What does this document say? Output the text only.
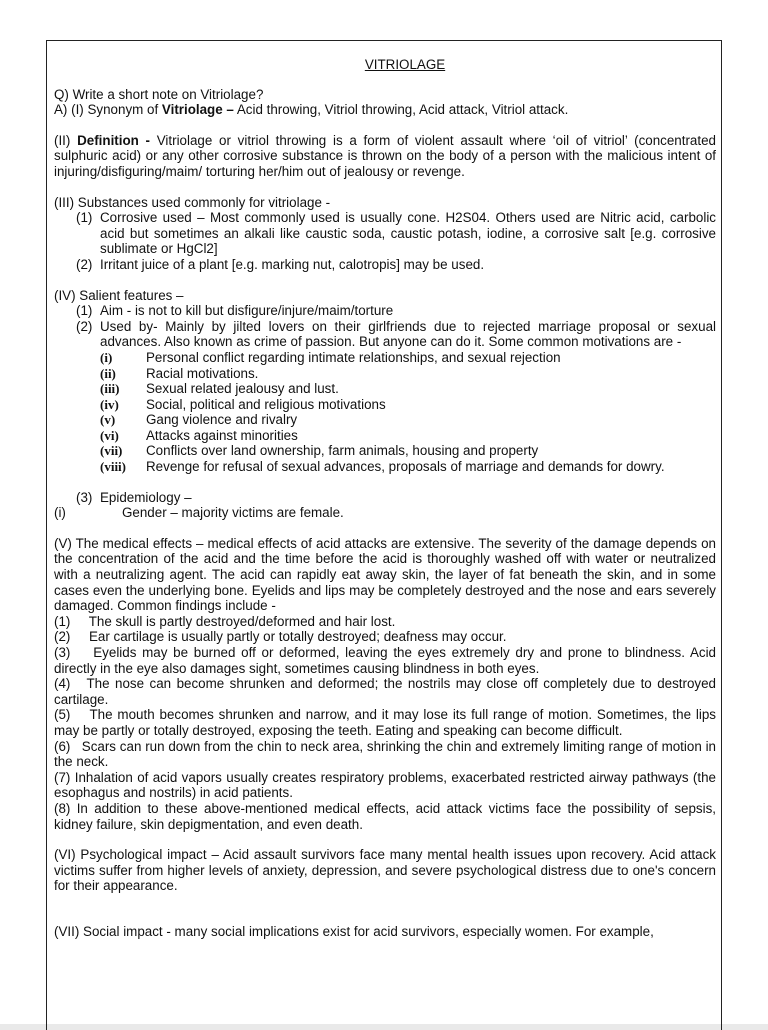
VITRIOLAGE

Q) Write a short note on Vitriolage?

A) (I) Synonym of Vitriolage – Acid throwing, Vitriol throwing, Acid attack, Vitriol attack.

(II) Definition - Vitriolage or vitriol throwing is a form of violent assault where ‘oil of vitriol’ (concentrated sulphuric acid) or any other corrosive substance is thrown on the body of a person with the malicious intent of injuring/disfiguring/maim/ torturing her/him out of jealousy or revenge.

(III) Substances used commonly for vitriolage -

(1) Corrosive used – Most commonly used is usually cone. H2S04. Others used are Nitric acid, carbolic acid but sometimes an alkali like caustic soda, caustic potash, iodine, a corrosive salt [e.g. corrosive sublimate or HgCl2]
(2) Irritant juice of a plant [e.g. marking nut, calotropis] may be used.

(IV) Salient features –

(1) Aim - is not to kill but disfigure/injure/maim/torture
(2) Used by- Mainly by jilted lovers on their girlfriends due to rejected marriage proposal or sexual advances. Also known as crime of passion. But anyone can do it. Some common motivations are -
(i)	Personal conflict regarding intimate relationships, and sexual rejection
(ii)	Racial motivations.
(iii)	Sexual related jealousy and lust.
(iv)	Social, political and religious motivations
(v)	Gang violence and rivalry
(vi)	Attacks against minorities
(vii)	Conflicts over land ownership, farm animals, housing and property
(viii)	Revenge for refusal of sexual advances, proposals of marriage and demands for dowry.
(3) Epidemiology –
(i)	Gender – majority victims are female.

(V) The medical effects – medical effects of acid attacks are extensive. The severity of the damage depends on the concentration of the acid and the time before the acid is thoroughly washed off with water or neutralized with a neutralizing agent. The acid can rapidly eat away skin, the layer of fat beneath the skin, and in some cases even the underlying bone. Eyelids and lips may be completely destroyed and the nose and ears severely damaged. Common findings include -

(1)     The skull is partly destroyed/deformed and hair lost.
(2)     Ear cartilage is usually partly or totally destroyed; deafness may occur.
(3)    Eyelids may be burned off or deformed, leaving the eyes extremely dry and prone to blindness. Acid directly in the eye also damages sight, sometimes causing blindness in both eyes.
(4)   The nose can become shrunken and deformed; the nostrils may close off completely due to destroyed cartilage.
(5)    The mouth becomes shrunken and narrow, and it may lose its full range of motion. Sometimes, the lips may be partly or totally destroyed, exposing the teeth. Eating and speaking can become difficult.
(6)   Scars can run down from the chin to neck area, shrinking the chin and extremely limiting range of motion in the neck.
(7) Inhalation of acid vapors usually creates respiratory problems, exacerbated restricted airway pathways (the esophagus and nostrils) in acid patients.
(8) In addition to these above-mentioned medical effects, acid attack victims face the possibility of sepsis, kidney failure, skin depigmentation, and even death.

(VI) Psychological impact – Acid assault survivors face many mental health issues upon recovery. Acid attack victims suffer from higher levels of anxiety, depression, and severe psychological distress due to one's concern for their appearance.

(VII) Social impact - many social implications exist for acid survivors, especially women. For example,
